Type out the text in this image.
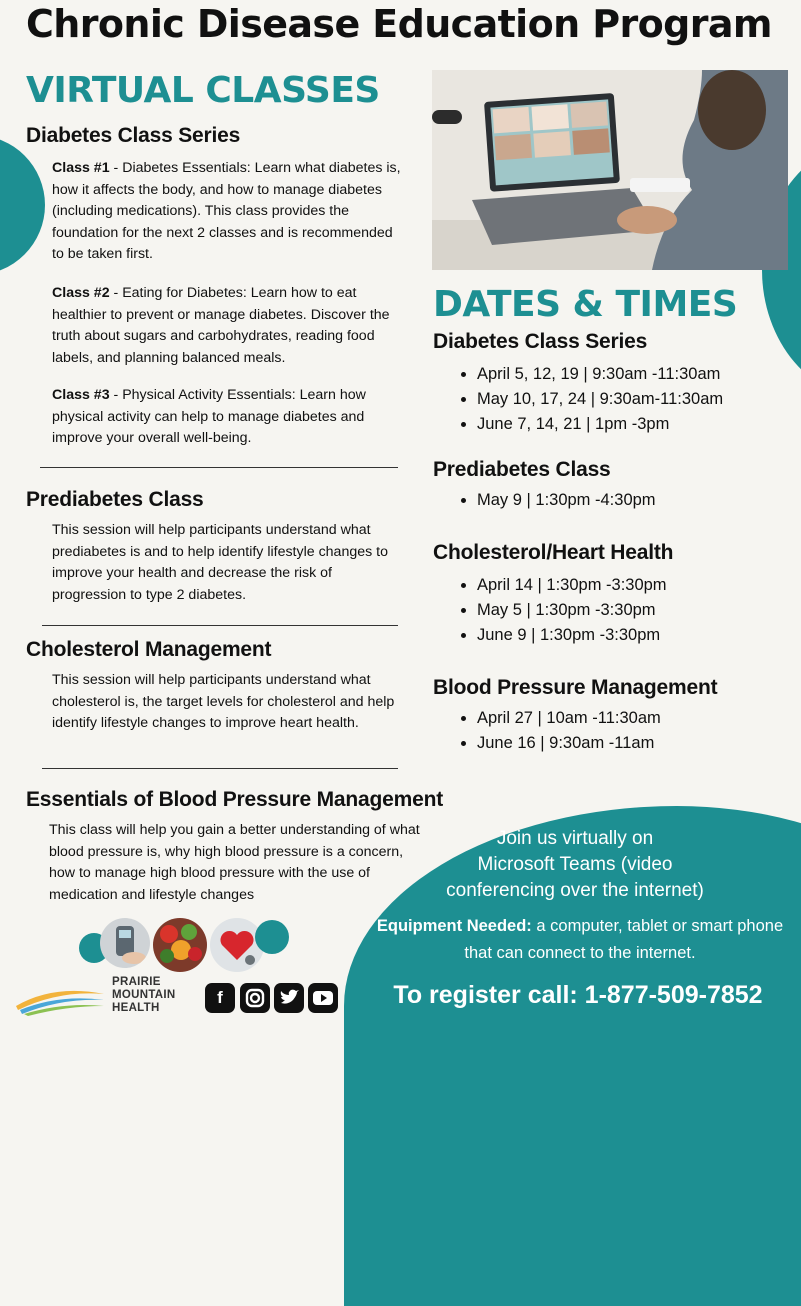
Chronic Disease Education Program
VIRTUAL CLASSES
Diabetes Class Series

Class #1 - Diabetes Essentials: Learn what diabetes is, how it affects the body, and how to manage diabetes (including medications). This class provides the foundation for the next 2 classes and is recommended to be taken first.

Class #2 - Eating for Diabetes: Learn how to eat healthier to prevent or manage diabetes. Discover the truth about sugars and carbohydrates, reading food labels, and planning balanced meals.

Class #3 - Physical Activity Essentials: Learn how physical activity can help to manage diabetes and improve your overall well-being.

Prediabetes Class

This session will help participants understand what prediabetes is and to help identify lifestyle changes to improve your health and decrease the risk of progression to type 2 diabetes.

Cholesterol Management

This session will help participants understand what cholesterol is, the target levels for cholesterol and help identify lifestyle changes to improve heart health.

Essentials of Blood Pressure Management

This class will help you gain a better understanding of what blood pressure is, why high blood pressure is a concern, how to manage high blood pressure with the use of medication and lifestyle changes

PRAIRIE
MOUNTAIN
HEALTH
f
DATES & TIMES
Diabetes Class Series
• April 5, 12, 19 | 9:30am -11:30am
• May 10, 17, 24 | 9:30am-11:30am
• June 7, 14, 21 | 1pm -3pm
Prediabetes Class
• May 9 | 1:30pm -4:30pm
Cholesterol/Heart Health
• April 14 | 1:30pm -3:30pm
• May 5 | 1:30pm -3:30pm
• June 9 | 1:30pm -3:30pm
Blood Pressure Management
• April 27 | 10am -11:30am
• June 16 | 9:30am -11am
Join us virtually on
Microsoft Teams (video
conferencing over the internet)
Equipment Needed: a computer, tablet or smart phone that can connect to the internet.
To register call: 1-877-509-7852
